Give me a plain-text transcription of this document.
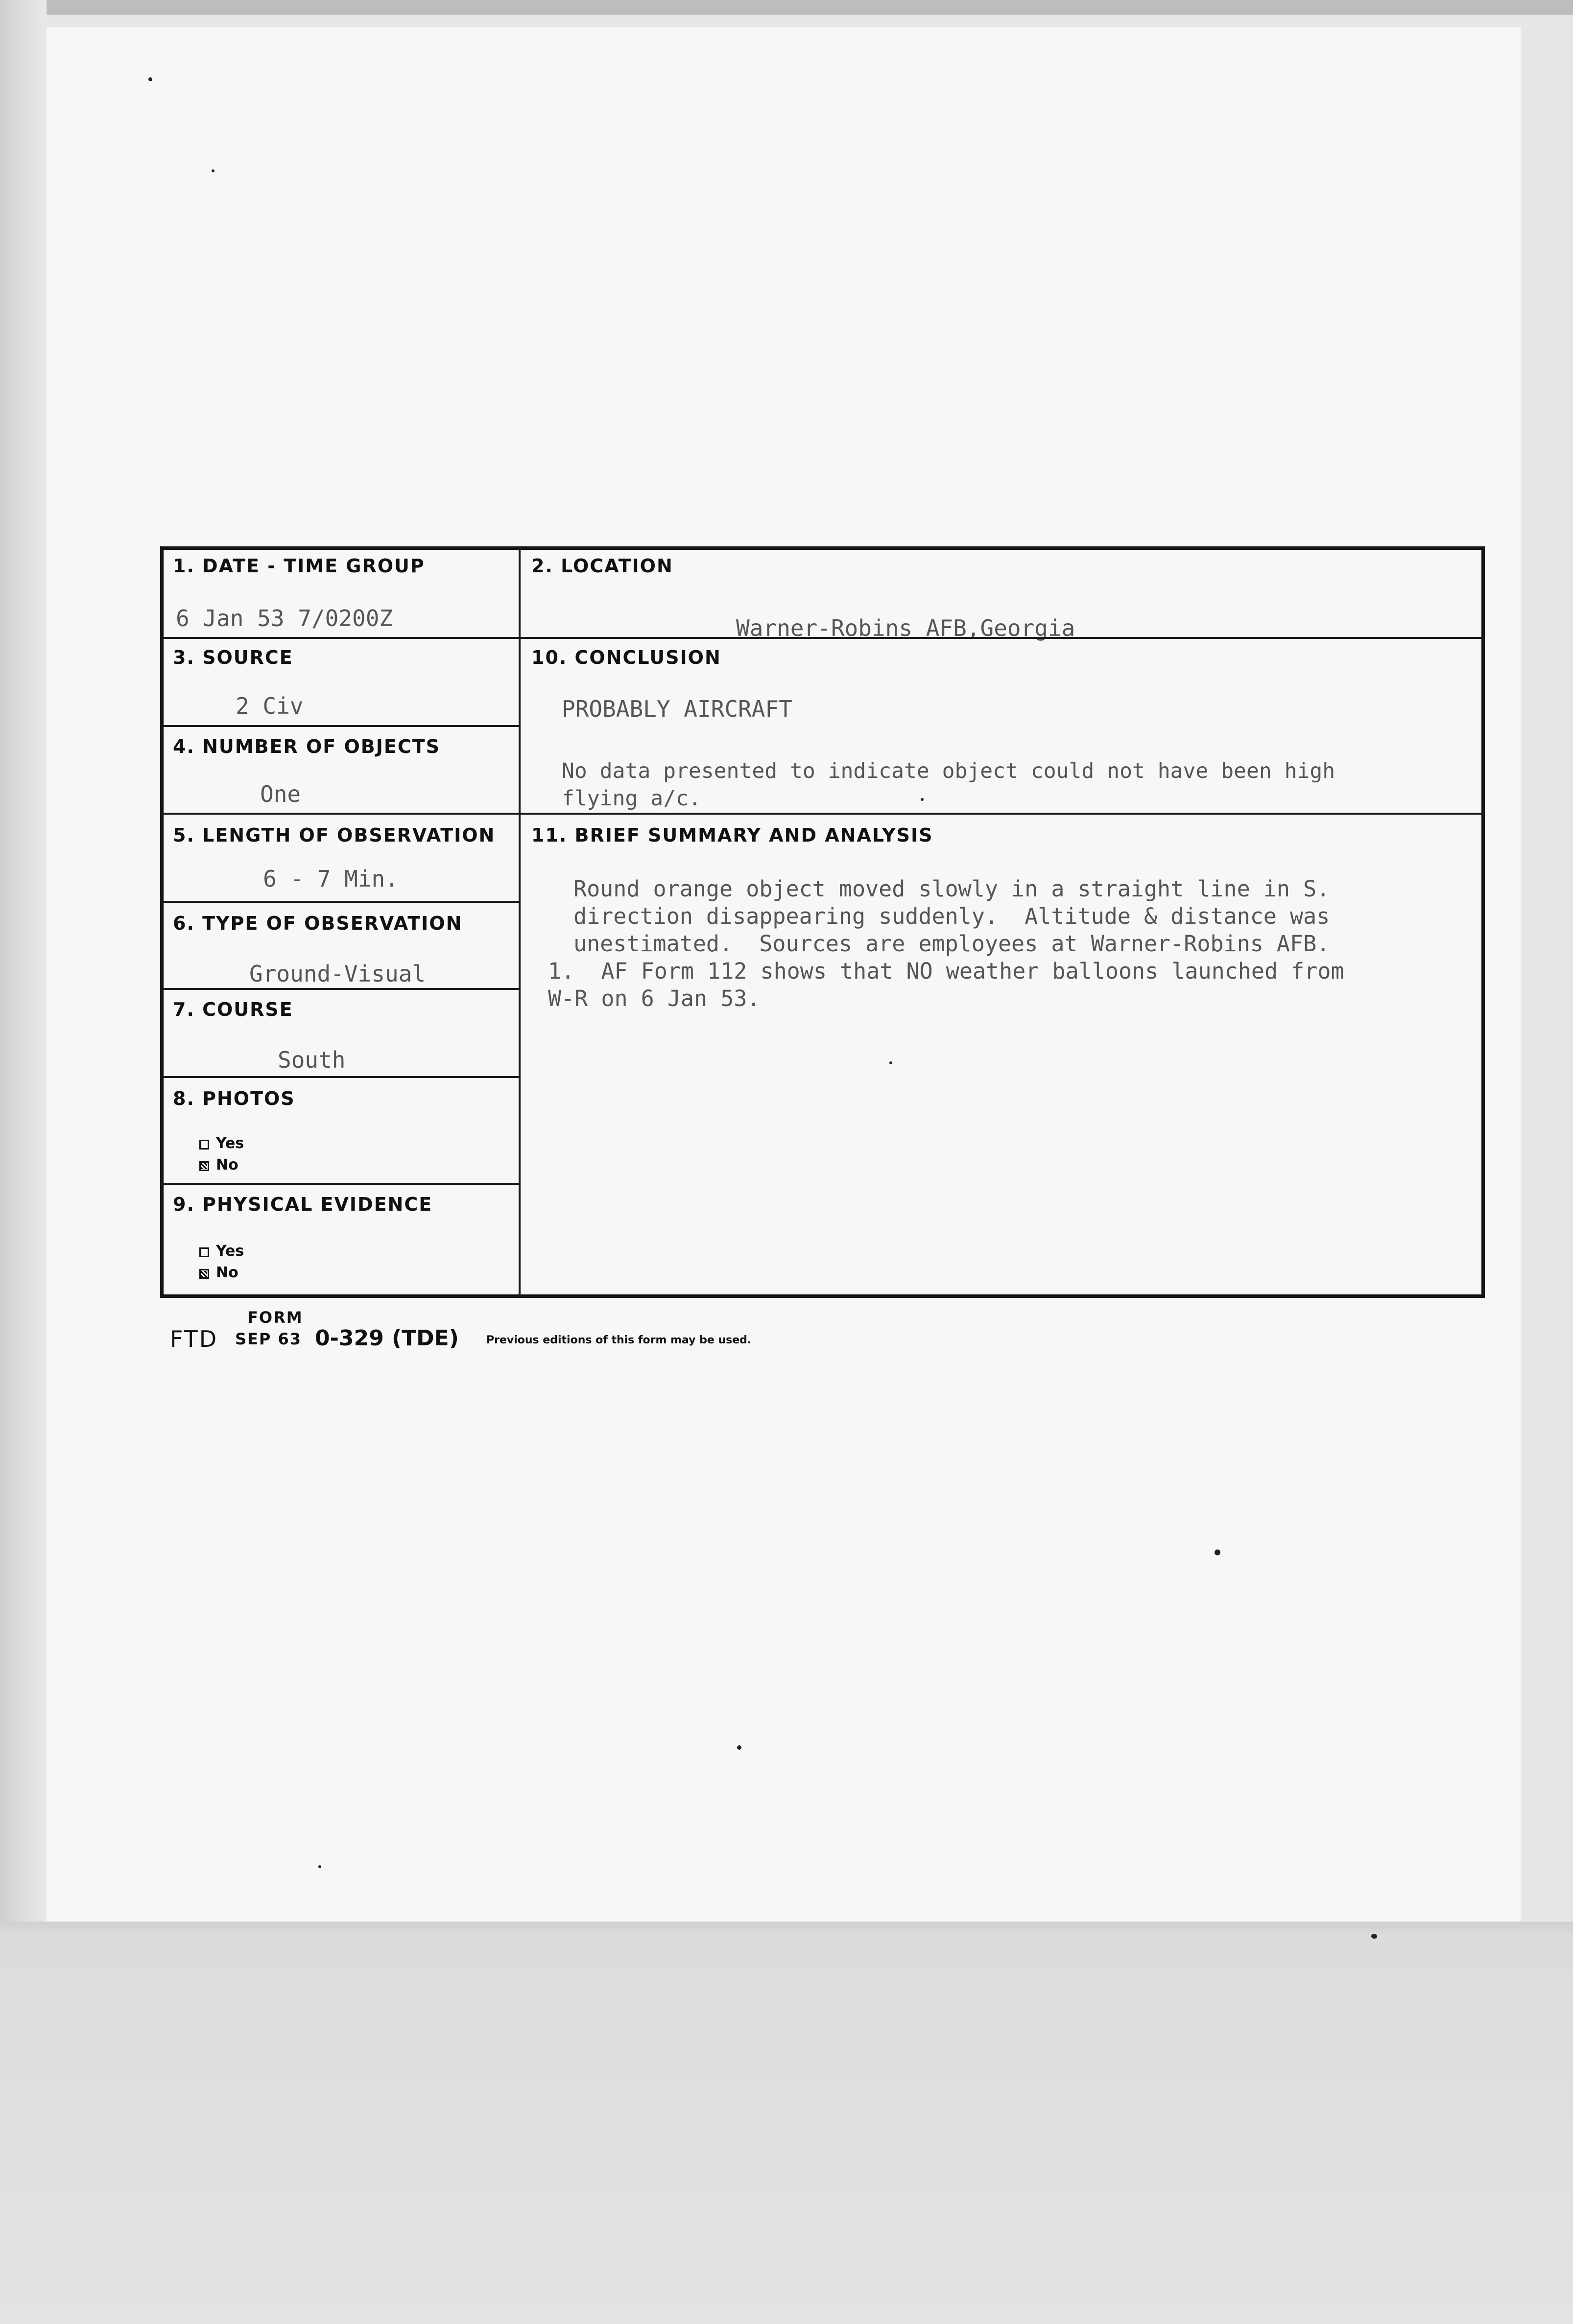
1. DATE - TIME GROUP
6 Jan 53 7/0200Z
3. SOURCE
2 Civ
4. NUMBER OF OBJECTS
One
5. LENGTH OF OBSERVATION
6 - 7 Min.
6. TYPE OF OBSERVATION
Ground-Visual
7. COURSE
South
8. PHOTOS
Yes
No
9. PHYSICAL EVIDENCE
Yes
No
2. LOCATION
Warner-Robins AFB,Georgia
10. CONCLUSION
PROBABLY AIRCRAFT
No data presented to indicate object could not have been high
flying a/c.
11. BRIEF SUMMARY AND ANALYSIS
Round orange object moved slowly in a straight line in S.
direction disappearing suddenly.  Altitude & distance was
unestimated.  Sources are employees at Warner-Robins AFB.
1.  AF Form 112 shows that NO weather balloons launched from
W-R on 6 Jan 53.
FORM
FTD SEP 63 0-329 (TDE)	Previous editions of this form may be used.
